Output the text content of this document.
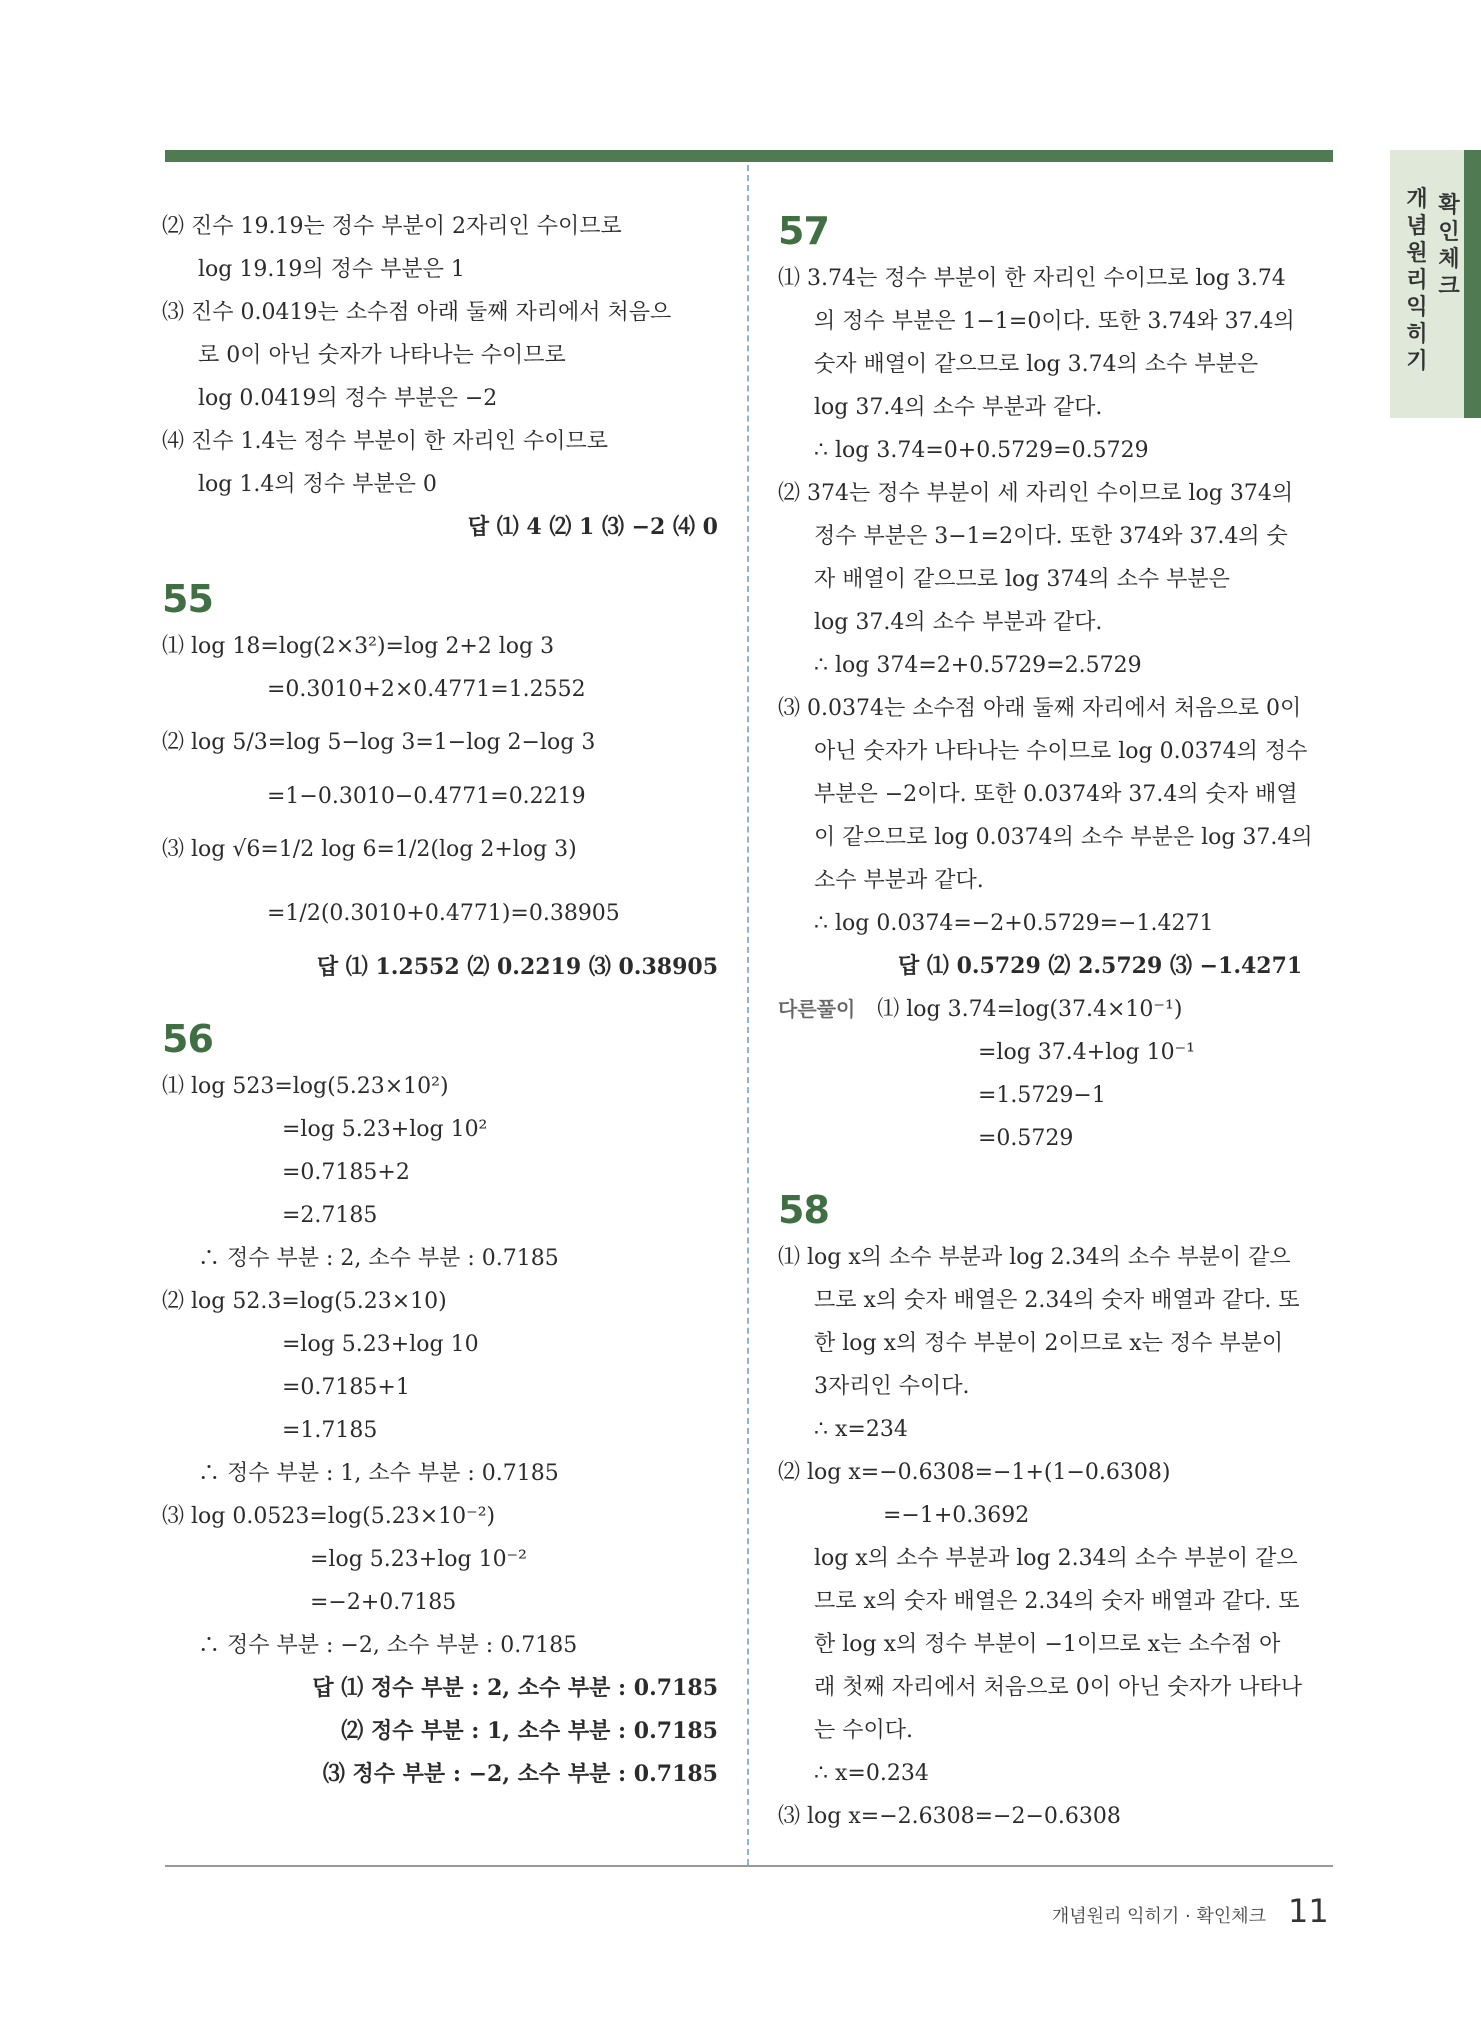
개념원리익히기
확인체크
⑵ 진수 19.19는 정수 부분이 2자리인 수이므로
log 19.19의 정수 부분은 1
⑶ 진수 0.0419는 소수점 아래 둘째 자리에서 처음으
로 0이 아닌 숫자가 나타나는 수이므로
log 0.0419의 정수 부분은 −2
⑷ 진수 1.4는 정수 부분이 한 자리인 수이므로
log 1.4의 정수 부분은 0
답 ⑴ 4 ⑵ 1 ⑶ −2 ⑷ 0
55
⑴ log 18=log(2×3²)=log 2+2 log 3
=0.3010+2×0.4771=1.2552
⑵ log 5/3=log 5−log 3=1−log 2−log 3
=1−0.3010−0.4771=0.2219
⑶ log √6=1/2 log 6=1/2(log 2+log 3)
=1/2(0.3010+0.4771)=0.38905
답 ⑴ 1.2552 ⑵ 0.2219 ⑶ 0.38905
56
⑴ log 523=log(5.23×10²)
=log 5.23+log 10²
=0.7185+2
=2.7185
∴ 정수 부분 : 2, 소수 부분 : 0.7185
⑵ log 52.3=log(5.23×10)
=log 5.23+log 10
=0.7185+1
=1.7185
∴ 정수 부분 : 1, 소수 부분 : 0.7185
⑶ log 0.0523=log(5.23×10⁻²)
=log 5.23+log 10⁻²
=−2+0.7185
∴ 정수 부분 : −2, 소수 부분 : 0.7185
답 ⑴ 정수 부분 : 2, 소수 부분 : 0.7185
⑵ 정수 부분 : 1, 소수 부분 : 0.7185
⑶ 정수 부분 : −2, 소수 부분 : 0.7185
57
⑴ 3.74는 정수 부분이 한 자리인 수이므로 log 3.74
의 정수 부분은 1−1=0이다. 또한 3.74와 37.4의
숫자 배열이 같으므로 log 3.74의 소수 부분은
log 37.4의 소수 부분과 같다.
∴ log 3.74=0+0.5729=0.5729
⑵ 374는 정수 부분이 세 자리인 수이므로 log 374의
정수 부분은 3−1=2이다. 또한 374와 37.4의 숫
자 배열이 같으므로 log 374의 소수 부분은
log 37.4의 소수 부분과 같다.
∴ log 374=2+0.5729=2.5729
⑶ 0.0374는 소수점 아래 둘째 자리에서 처음으로 0이
아닌 숫자가 나타나는 수이므로 log 0.0374의 정수
부분은 −2이다. 또한 0.0374와 37.4의 숫자 배열
이 같으므로 log 0.0374의 소수 부분은 log 37.4의
소수 부분과 같다.
∴ log 0.0374=−2+0.5729=−1.4271
답 ⑴ 0.5729 ⑵ 2.5729 ⑶ −1.4271
다른풀이 ⑴ log 3.74=log(37.4×10⁻¹)
=log 37.4+log 10⁻¹
=1.5729−1
=0.5729
58
⑴ log x의 소수 부분과 log 2.34의 소수 부분이 같으
므로 x의 숫자 배열은 2.34의 숫자 배열과 같다. 또
한 log x의 정수 부분이 2이므로 x는 정수 부분이
3자리인 수이다.
∴ x=234
⑵ log x=−0.6308=−1+(1−0.6308)
=−1+0.3692
log x의 소수 부분과 log 2.34의 소수 부분이 같으
므로 x의 숫자 배열은 2.34의 숫자 배열과 같다. 또
한 log x의 정수 부분이 −1이므로 x는 소수점 아
래 첫째 자리에서 처음으로 0이 아닌 숫자가 나타나
는 수이다.
∴ x=0.234
⑶ log x=−2.6308=−2−0.6308
개념원리 익히기 · 확인체크 11
